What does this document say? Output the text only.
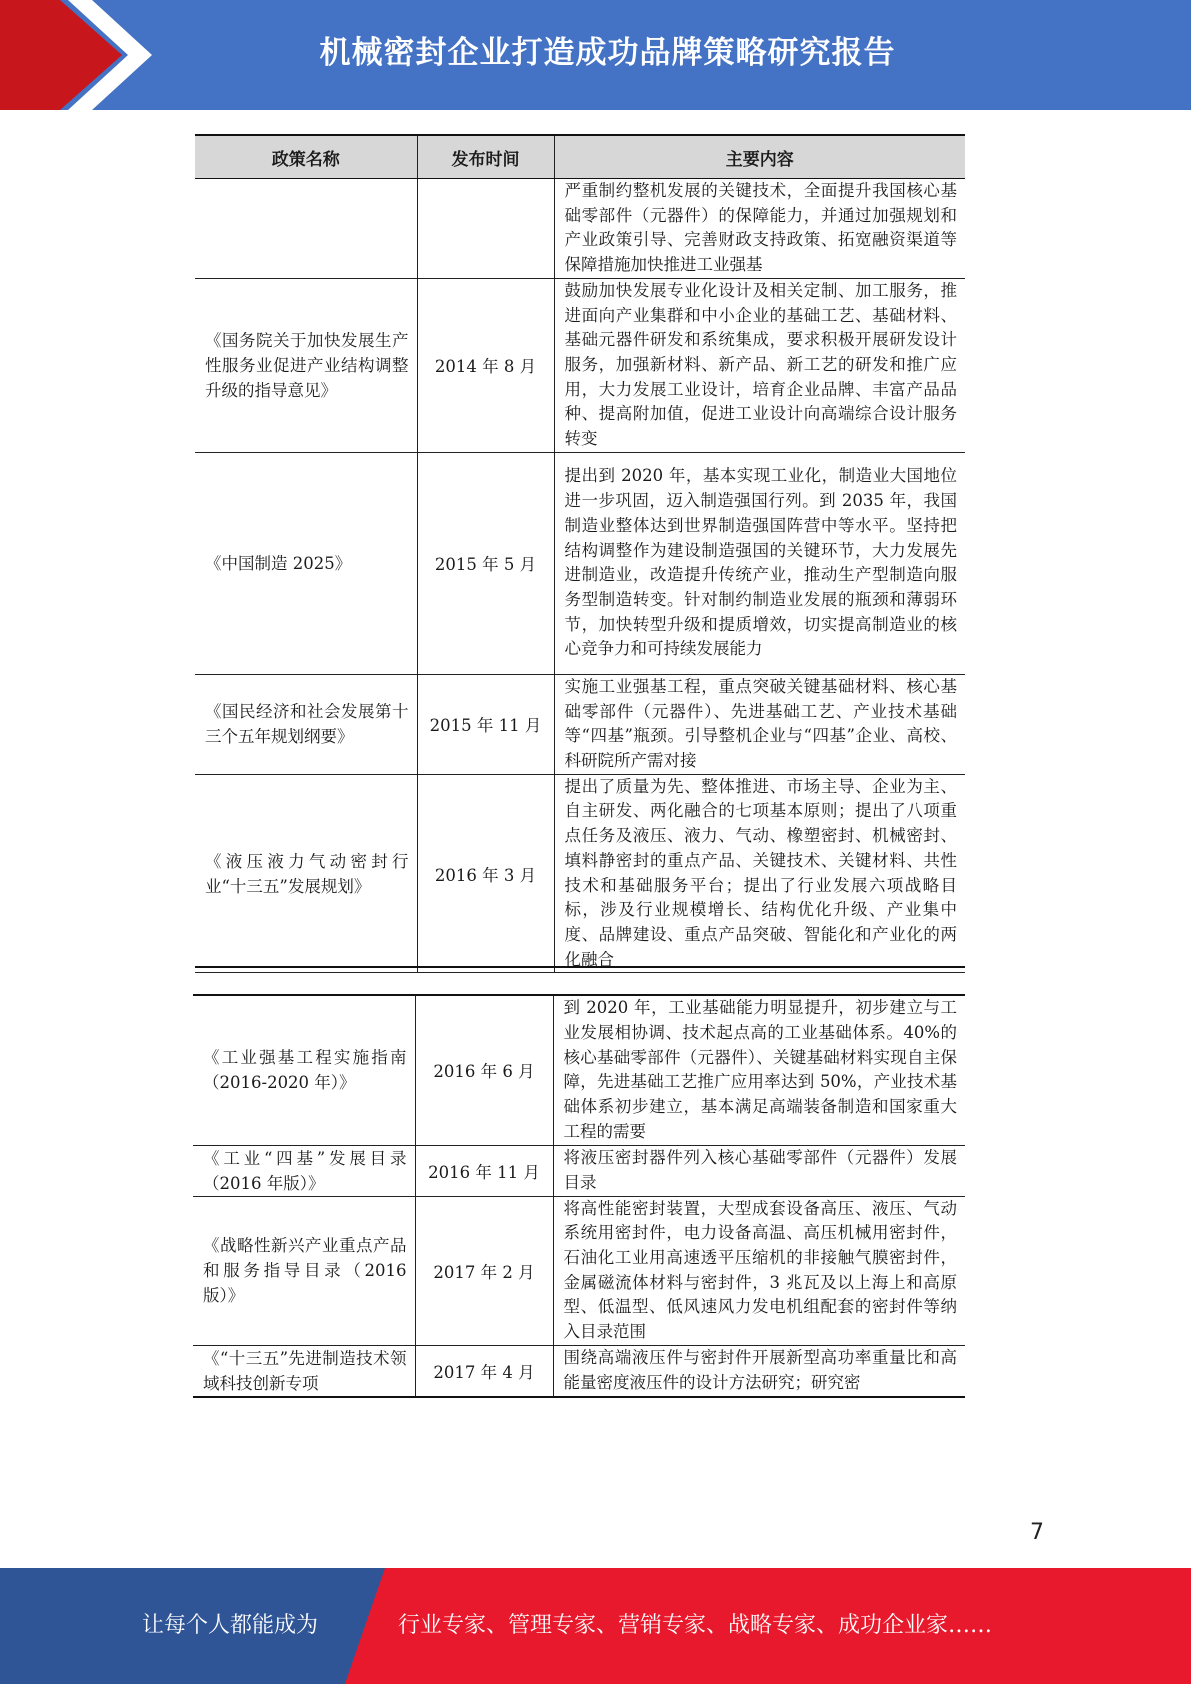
机械密封企业打造成功品牌策略研究报告
政策名称	发布时间	主要内容
		严重制约整机发展的关键技术，全面提升我国核心基础零部件（元器件）的保障能力，并通过加强规划和产业政策引导、完善财政支持政策、拓宽融资渠道等保障措施加快推进工业强基
《国务院关于加快发展生产性服务业促进产业结构调整升级的指导意见》	2014 年 8 月	鼓励加快发展专业化设计及相关定制、加工服务，推进面向产业集群和中小企业的基础工艺、基础材料、基础元器件研发和系统集成，要求积极开展研发设计服务，加强新材料、新产品、新工艺的研发和推广应用，大力发展工业设计，培育企业品牌、丰富产品品种、提高附加值，促进工业设计向高端综合设计服务转变
《中国制造 2025》	2015 年 5 月	提出到 2020 年，基本实现工业化，制造业大国地位进一步巩固，迈入制造强国行列。到 2035 年，我国制造业整体达到世界制造强国阵营中等水平。坚持把结构调整作为建设制造强国的关键环节，大力发展先进制造业，改造提升传统产业，推动生产型制造向服务型制造转变。针对制约制造业发展的瓶颈和薄弱环节，加快转型升级和提质增效，切实提高制造业的核心竞争力和可持续发展能力
《国民经济和社会发展第十三个五年规划纲要》	2015 年 11 月	实施工业强基工程，重点突破关键基础材料、核心基础零部件（元器件）、先进基础工艺、产业技术基础等“四基”瓶颈。引导整机企业与“四基”企业、高校、科研院所产需对接
《液压液力气动密封行业“十三五”发展规划》	2016 年 3 月	提出了质量为先、整体推进、市场主导、企业为主、自主研发、两化融合的七项基本原则；提出了八项重点任务及液压、液力、气动、橡塑密封、机械密封、填料静密封的重点产品、关键技术、关键材料、共性技术和基础服务平台；提出了行业发展六项战略目标，涉及行业规模增长、结构优化升级、产业集中度、品牌建设、重点产品突破、智能化和产业化的两化融合
《工业强基工程实施指南（2016-2020 年）》	2016 年 6 月	到 2020 年，工业基础能力明显提升，初步建立与工业发展相协调、技术起点高的工业基础体系。40%的核心基础零部件（元器件）、关键基础材料实现自主保障，先进基础工艺推广应用率达到 50%，产业技术基础体系初步建立，基本满足高端装备制造和国家重大工程的需要
《工业“四基”发展目录（2016 年版）》	2016 年 11 月	将液压密封器件列入核心基础零部件（元器件）发展目录
《战略性新兴产业重点产品和服务指导目录（2016 版）》	2017 年 2 月	将高性能密封装置，大型成套设备高压、液压、气动系统用密封件，电力设备高温、高压机械用密封件，石油化工业用高速透平压缩机的非接触气膜密封件，金属磁流体材料与密封件，3 兆瓦及以上海上和高原型、低温型、低风速风力发电机组配套的密封件等纳入目录范围
《“十三五”先进制造技术领域科技创新专项	2017 年 4 月	围绕高端液压件与密封件开展新型高功率重量比和高能量密度液压件的设计方法研究；研究密
7
让每个人都能成为	行业专家、管理专家、营销专家、战略专家、成功企业家……
